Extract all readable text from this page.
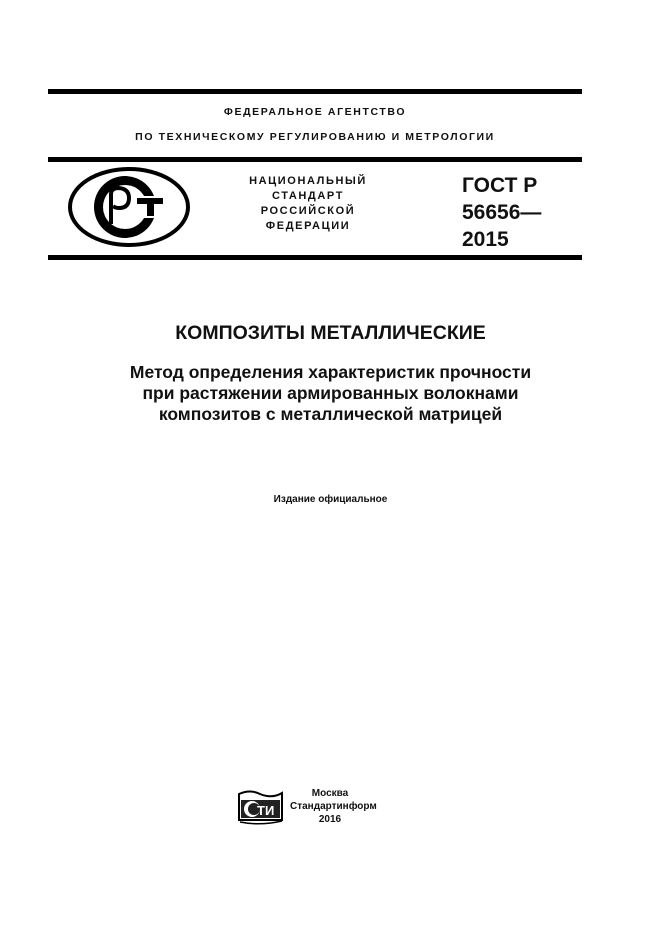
ФЕДЕРАЛЬНОЕ АГЕНТСТВО
ПО ТЕХНИЧЕСКОМУ РЕГУЛИРОВАНИЮ И МЕТРОЛОГИИ
НАЦИОНАЛЬНЫЙ
СТАНДАРТ
РОССИЙСКОЙ
ФЕДЕРАЦИИ
ГОСТ Р
56656—
2015
КОМПОЗИТЫ МЕТАЛЛИЧЕСКИЕ
Метод определения характеристик прочности
при растяжении армированных волокнами
композитов с металлической матрицей
Издание официальное
ТИ
Москва
Стандартинформ
2016
